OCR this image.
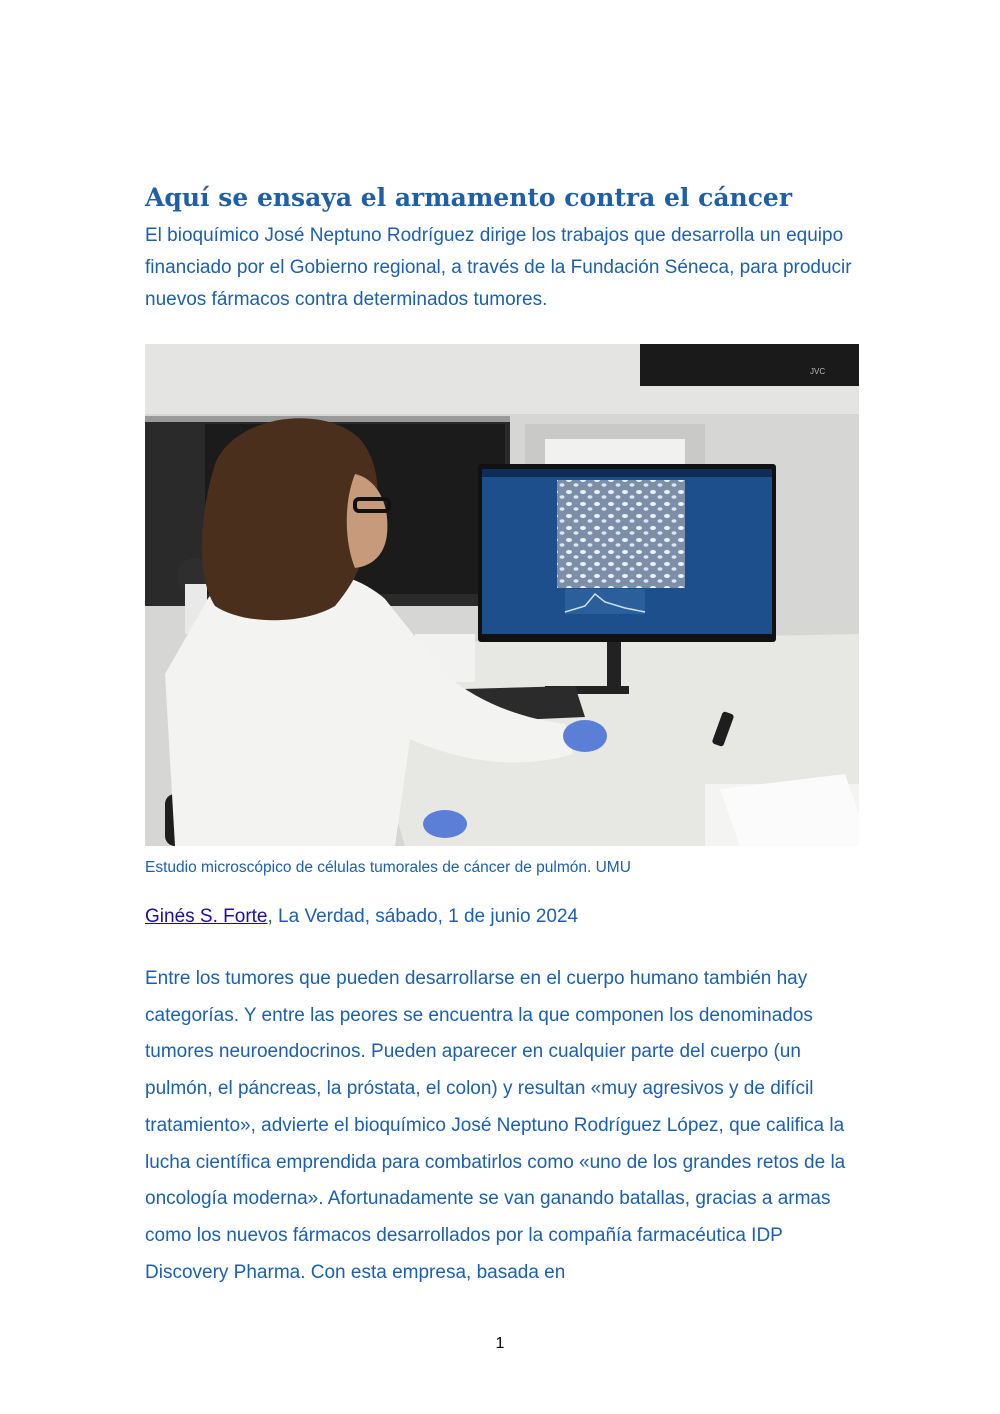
Aquí se ensaya el armamento contra el cáncer

El bioquímico José Neptuno Rodríguez dirige los trabajos que desarrolla un equipo financiado por el Gobierno regional, a través de la Fundación Séneca, para producir nuevos fármacos contra determinados tumores.

JVC

Estudio microscópico de células tumorales de cáncer de pulmón. UMU

Ginés S. Forte, La Verdad, sábado, 1 de junio 2024

Entre los tumores que pueden desarrollarse en el cuerpo humano también hay categorías. Y entre las peores se encuentra la que componen los denominados tumores neuroendocrinos. Pueden aparecer en cualquier parte del cuerpo (un pulmón, el páncreas, la próstata, el colon) y resultan «muy agresivos y de difícil tratamiento», advierte el bioquímico José Neptuno Rodríguez López, que califica la lucha científica emprendida para combatirlos como «uno de los grandes retos de la oncología moderna». Afortunadamente se van ganando batallas, gracias a armas como los nuevos fármacos desarrollados por la compañía farmacéutica IDP Discovery Pharma. Con esta empresa, basada en

1
